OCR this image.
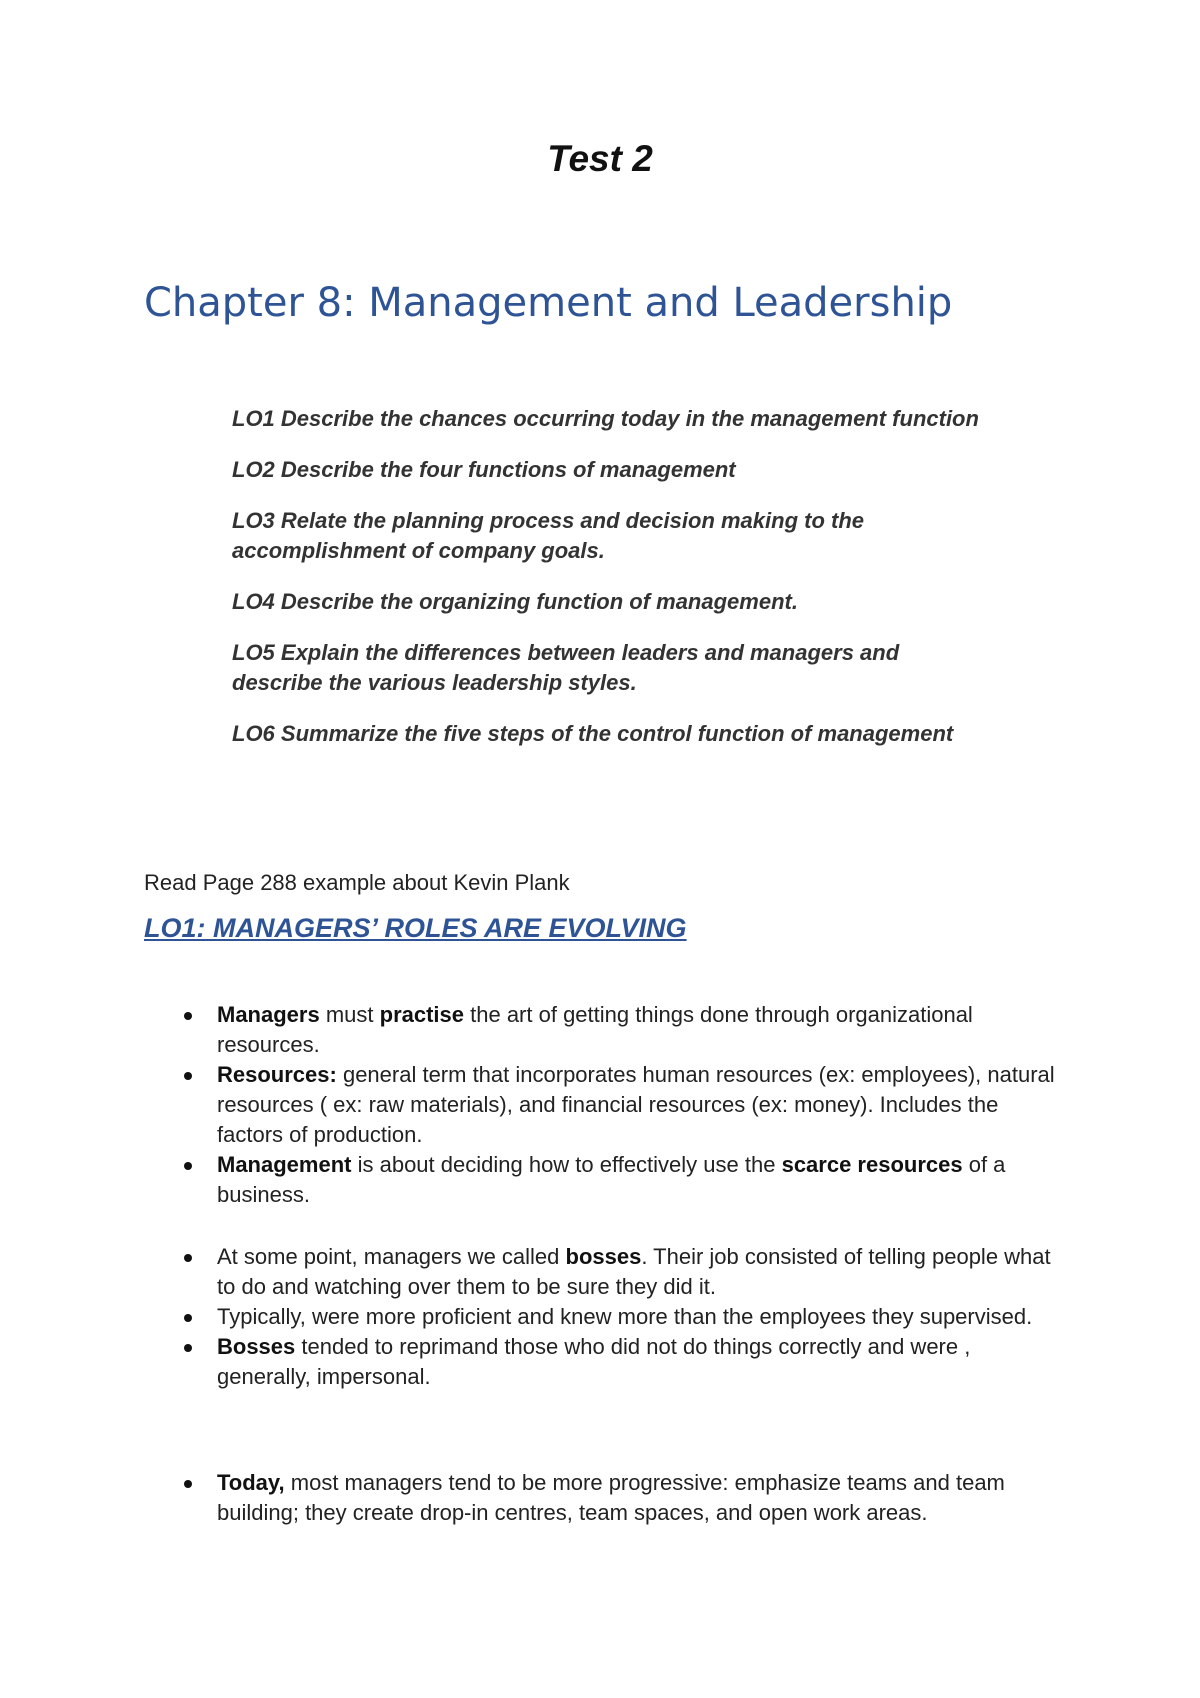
Test 2
Chapter 8: Management and Leadership
LO1 Describe the chances occurring today in the management function
LO2 Describe the four functions of management
LO3 Relate the planning process and decision making to the accomplishment of company goals.
LO4 Describe the organizing function of management.
LO5 Explain the differences between leaders and managers and describe the various leadership styles.
LO6 Summarize the five steps of the control function of management
Read Page 288 example about Kevin Plank
LO1: MANAGERS’ ROLES ARE EVOLVING
Managers must practise the art of getting things done through organizational resources.
Resources: general term that incorporates human resources (ex: employees), natural resources ( ex: raw materials), and financial resources (ex: money). Includes the factors of production.
Management is about deciding how to effectively use the scarce resources of a business.
At some point, managers we called bosses. Their job consisted of telling people what to do and watching over them to be sure they did it.
Typically, were more proficient and knew more than the employees they supervised.
Bosses tended to reprimand those who did not do things correctly and were , generally, impersonal.
Today, most managers tend to be more progressive: emphasize teams and team building; they create drop-in centres, team spaces, and open work areas.
